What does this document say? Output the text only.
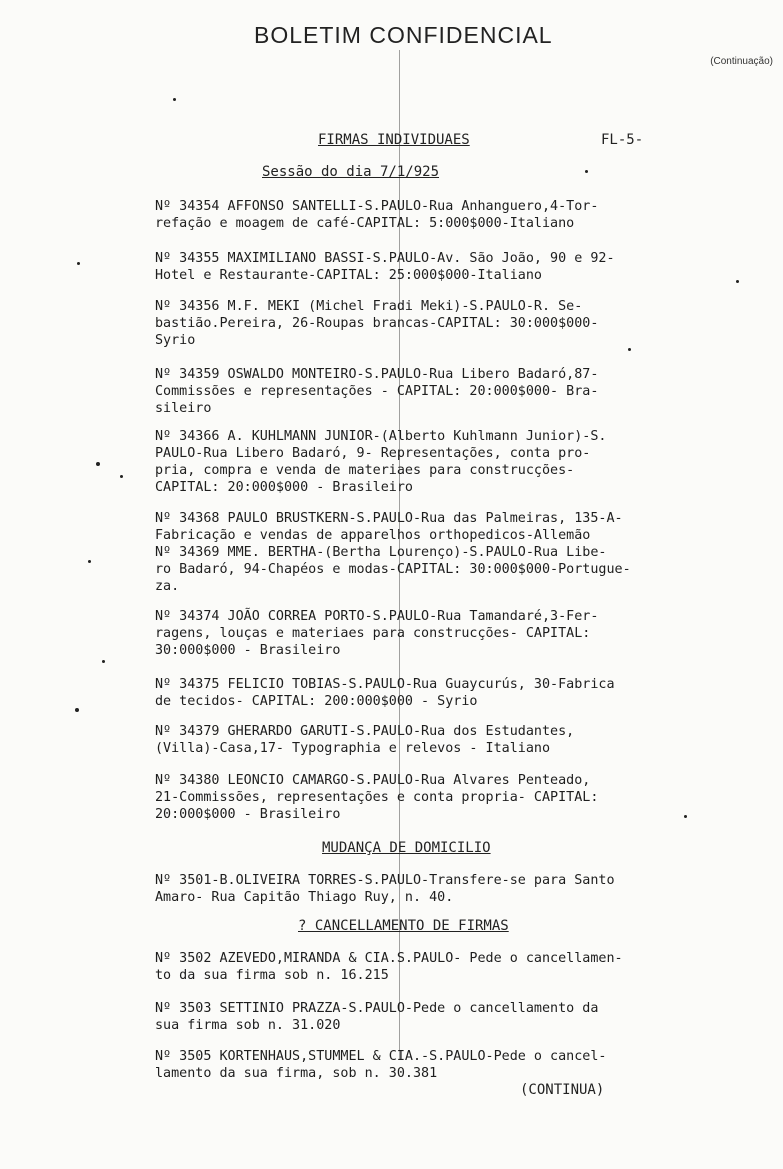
BOLETIM CONFIDENCIAL
(Continuação)
FIRMAS INDIVIDUAES	FL-5-
Sessão do dia 7/1/925
Nº 34354 AFFONSO SANTELLI-S.PAULO-Rua Anhanguero,4-Tor-
refação e moagem de café-CAPITAL: 5:000$000-Italiano
Nº 34355 MAXIMILIANO BASSI-S.PAULO-Av. São João, 90 e 92-
Hotel e Restaurante-CAPITAL: 25:000$000-Italiano
Nº 34356 M.F. MEKI (Michel Fradi Meki)-S.PAULO-R. Se-
bastião.Pereira, 26-Roupas brancas-CAPITAL: 30:000$000-
Syrio
Nº 34359 OSWALDO MONTEIRO-S.PAULO-Rua Libero Badaró,87-
Commissões e representações - CAPITAL: 20:000$000- Bra-
sileiro
Nº 34366 A. KUHLMANN JUNIOR-(Alberto Kuhlmann Junior)-S.
PAULO-Rua Libero Badaró, 9- Representações, conta pro-
pria, compra e venda de materiaes para construcções-
CAPITAL: 20:000$000 - Brasileiro
Nº 34368 PAULO BRUSTKERN-S.PAULO-Rua das Palmeiras, 135-A-
Fabricação e vendas de apparelhos orthopedicos-Allemão
Nº 34369 MME. BERTHA-(Bertha Lourenço)-S.PAULO-Rua Libe-
ro Badaró, 94-Chapéos e modas-CAPITAL: 30:000$000-Portugue-
za.
Nº 34374 JOÃO CORREA PORTO-S.PAULO-Rua Tamandaré,3-Fer-
ragens, louças e materiaes para construcções- CAPITAL:
30:000$000 - Brasileiro
Nº 34375 FELICIO TOBIAS-S.PAULO-Rua Guaycurús, 30-Fabrica
de tecidos- CAPITAL: 200:000$000 - Syrio
Nº 34379 GHERARDO GARUTI-S.PAULO-Rua dos Estudantes,
(Villa)-Casa,17- Typographia e relevos - Italiano
Nº 34380 LEONCIO CAMARGO-S.PAULO-Rua Alvares Penteado,
21-Commissões, representações e conta propria- CAPITAL:
20:000$000 - Brasileiro
MUDANÇA DE DOMICILIO
Nº 3501-B.OLIVEIRA TORRES-S.PAULO-Transfere-se para Santo
Amaro- Rua Capitão Thiago Ruy, n. 40.
? CANCELLAMENTO DE FIRMAS
Nº 3502 AZEVEDO,MIRANDA & CIA.S.PAULO- Pede o cancellamen-
to da sua firma sob n. 16.215
Nº 3503 SETTINIO PRAZZA-S.PAULO-Pede o cancellamento da
sua firma sob n. 31.020
Nº 3505 KORTENHAUS,STUMMEL & CIA.-S.PAULO-Pede o cancel-
lamento da sua firma, sob n. 30.381
(CONTINUA)
